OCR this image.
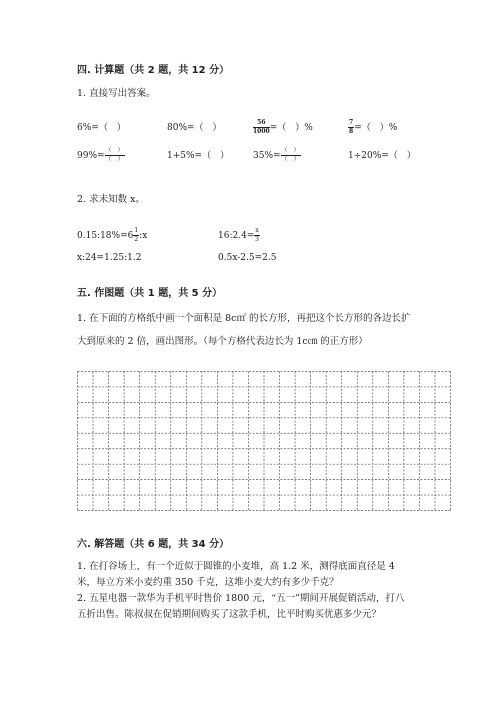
四. 计算题（共 2 题，共 12 分）
1. 直接写出答案。
6%=（　）	80%=（　）	$\frac{56}{1000}$ =（　）%	$\frac{7}{8}$ =（　）%
$99\%= \frac{( )}{( )}$	1+5%=（　）	$35\%= \frac{( )}{( )}$	1÷20%=（　）
2. 求未知数 x。
0.15:18%=6 $\frac{1}{2}$ :x	16:2.4= $\frac{x}{3}$
x:24=1.25:1.2	0.5x-2.5=2.5
五. 作图题（共 1 题，共 5 分）
1. 在下面的方格纸中画一个面积是 8c㎡ 的长方形，再把这个长方形的各边长扩
大到原来的 2 倍，画出图形。（每个方格代表边长为 1c㎝ 的正方形）
六. 解答题（共 6 题，共 34 分）
1. 在打谷场上，有一个近似于圆锥的小麦堆，高 1.2 米，测得底面直径是 4
米，每立方米小麦约重 350 千克，这堆小麦大约有多少千克？
2. 五星电器一款华为手机平时售价 1800 元，“五一”期间开展促销活动，打八
五折出售。陈叔叔在促销期间购买了这款手机，比平时购买优惠多少元？
